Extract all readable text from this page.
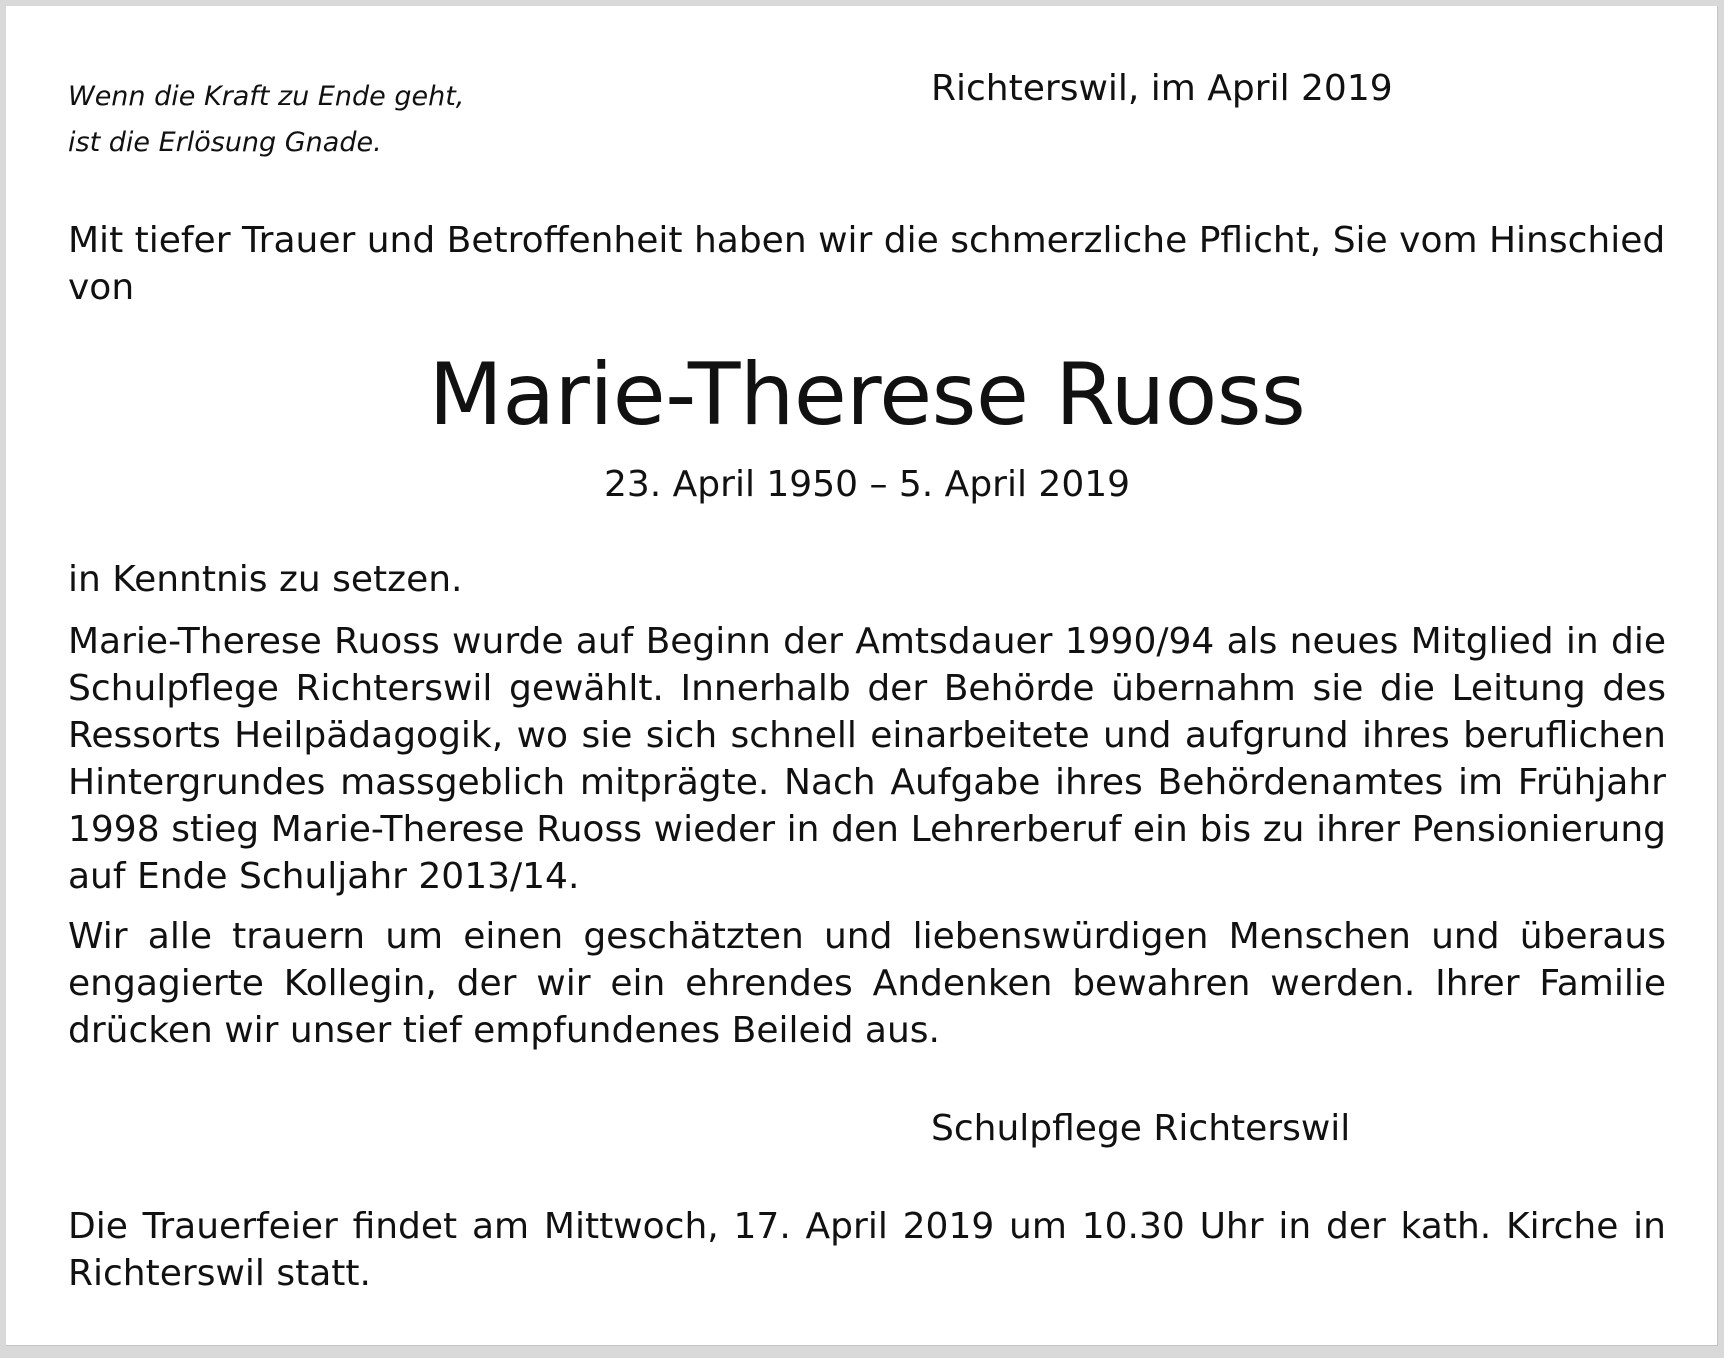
Wenn die Kraft zu Ende geht,
ist die Erlösung Gnade.
Richterswil, im April 2019
Mit tiefer Trauer und Betroffenheit haben wir die schmerzliche Pflicht, Sie vom Hinschied
von
Marie-Therese Ruoss
23. April 1950 – 5. April 2019
in Kenntnis zu setzen.
Marie-Therese Ruoss wurde auf Beginn der Amtsdauer 1990/94 als neues Mitglied in die
Schulpflege Richterswil gewählt. Innerhalb der Behörde übernahm sie die Leitung des
Ressorts Heilpädagogik, wo sie sich schnell einarbeitete und aufgrund ihres beruflichen
Hintergrundes massgeblich mitprägte. Nach Aufgabe ihres Behördenamtes im Frühjahr
1998 stieg Marie-Therese Ruoss wieder in den Lehrerberuf ein bis zu ihrer Pensionierung
auf Ende Schuljahr 2013/14.
Wir alle trauern um einen geschätzten und liebenswürdigen Menschen und überaus
engagierte Kollegin, der wir ein ehrendes Andenken bewahren werden. Ihrer Familie
drücken wir unser tief empfundenes Beileid aus.
Schulpflege Richterswil
Die Trauerfeier findet am Mittwoch, 17. April 2019 um 10.30 Uhr in der kath. Kirche in
Richterswil statt.
